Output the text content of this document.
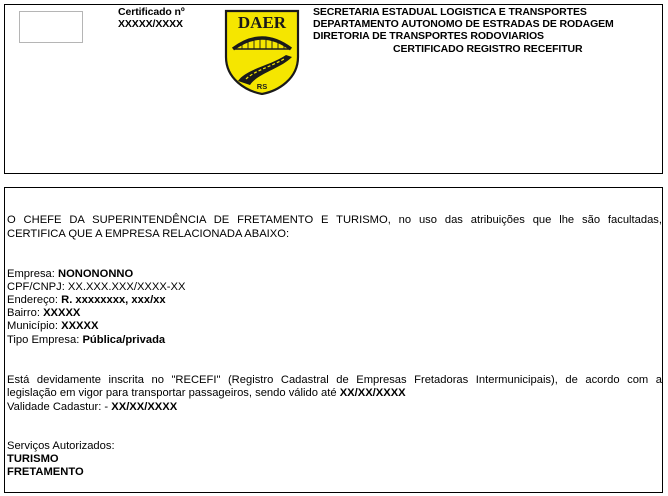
Certificado nº
XXXXX/XXXX	DAER
RS
SECRETARIA ESTADUAL LOGISTICA E TRANSPORTES
DEPARTAMENTO AUTONOMO DE ESTRADAS DE RODAGEM
DIRETORIA DE TRANSPORTES RODOVIARIOS
CERTIFICADO REGISTRO RECEFITUR
O CHEFE DA SUPERINTENDÊNCIA DE FRETAMENTO E TURISMO, no uso das atribuições que lhe são facultadas,
CERTIFICA QUE A EMPRESA RELACIONADA ABAIXO:
Empresa: NONONONNO
CPF/CNPJ: XX.XXX.XXX/XXXX-XX
Endereço: R. xxxxxxxx, xxx/xx
Bairro: XXXXX
Município: XXXXX
Tipo Empresa: Pública/privada
Está devidamente inscrita no "RECEFI" (Registro Cadastral de Empresas Fretadoras Intermunicipais), de acordo com a
legislação em vigor para transportar passageiros, sendo válido até XX/XX/XXXX
Validade Cadastur: - XX/XX/XXXX
Serviços Autorizados:
TURISMO
FRETAMENTO
